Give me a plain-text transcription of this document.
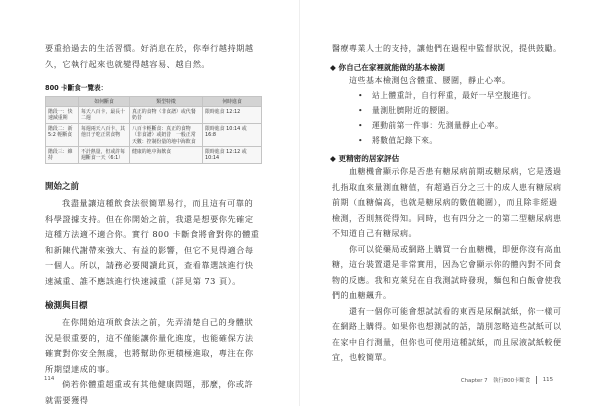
要重拾過去的生活習慣。好消息在於，你奉行越持期越久，它執行起來也就變得越容易、越自然。

800 卡斷食一覽表：
	如何斷食	類型特徵	何時進食
階段一：快速減重期	每天八百卡，最長十二週	真正的食物（非食譜）或代餐奶昔	限時進食 12:12
階段二：新 5:2 輕斷食	每週兩天八百卡，其他日子吃正常食物	八百卡輕斷食：真正的食物（非食譜）或奶昔　一般正常天數：控制份量的地中海飲食	限時進食 10:14 或 16:8
階段三：維持	不計熱量，但或許每週斷食一天（6:1）	健康的地中海飲食	限時進食 12:12 或 10:14
開始之前

我盡量讓這種飲食法很簡單易行，而且這有可靠的科學證據支持。但在你開始之前，我還是想要你先確定這種方法適不適合你。實行 800 卡斷食將會對你的體重和新陳代謝帶來強大、有益的影響，但它不見得適合每一個人。所以，請務必要閱讀此頁，查看靠選該進行快速減重、誰不應該進行快速減重（詳見第 73 頁）。

檢測與目標

在你開始這項飲食法之前，先弄清楚自己的身體狀況是很重要的，這不僅能讓你量化進度，也能確保方法確實對你安全無虞，也將幫助你更積極進取，專注在你所期望達成的事。

倘若你體重超重或有其他健康問題，那麼，你或許就需要獲得

114

醫療專業人士的支持，讓他們在過程中監督狀況，提供鼓勵。

◆ 你自己在家裡就能做的基本檢測

這些基本檢測包含體重、腰圍，靜止心率。

• 站上體重計，自行秤重，最好一早空腹進行。
• 量測肚臍附近的腰圍。
• 運動前第一件事：先測量靜止心率。
• 將數值記錄下來。
◆ 更精密的居家評估

血糖機會顯示你是否患有糖尿病前期或糖尿病，它是透過扎指取血來量測血糖值，有超過百分之三十的成人患有糖尿病前期（血糖偏高，也就是糖尿病的數值範圍），而且除非經過檢測，否則無從得知。同時，也有四分之一的第二型糖尿病患不知道自己有糖尿病。

你可以從藥局或網路上購買一台血糖機，即便你沒有高血糖，這台裝置還是非常實用，因為它會顯示你的體內對不同食物的反應。我和克萊兒在自我測試時發現，麵包和白飯會使我們的血糖飆升。

還有一個你可能會想試試看的東西是尿酮試紙，你一樣可在網路上購得。如果你也想測試的話，請別忽略這些試紙可以在家中自行測量，但你也可使用這種試紙，而且尿液試紙較便宜，也較簡單。

Chapter 7　執行800卡斷食 115
